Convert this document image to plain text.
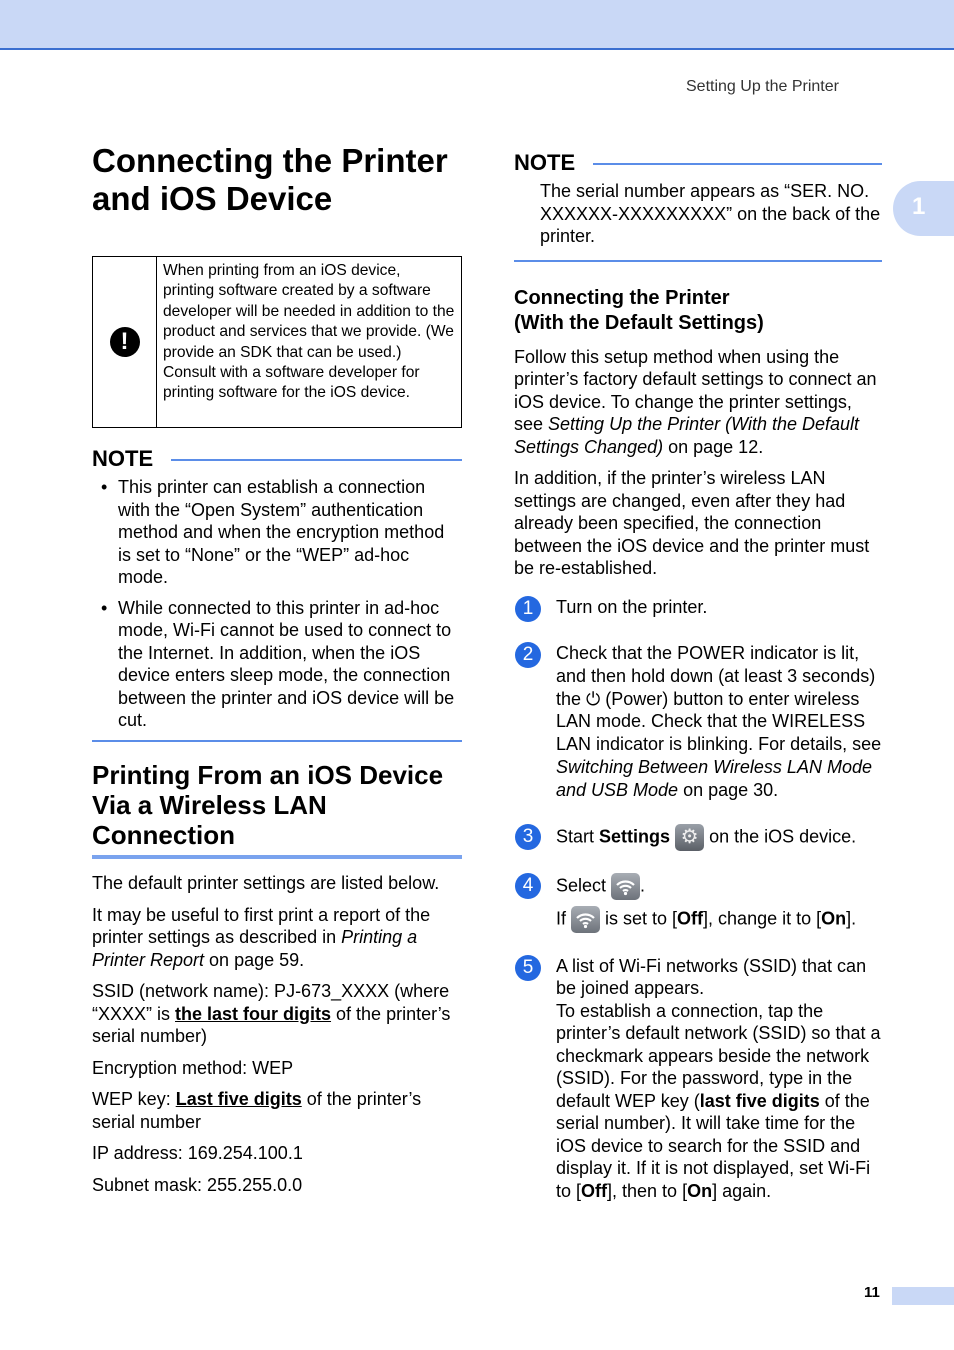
Setting Up the Printer
1
Connecting the Printer
and iOS Device
!
When printing from an iOS device, printing software created by a software developer will be needed in addition to the product and services that we provide. (We provide an SDK that can be used.) Consult with a software developer for printing software for the iOS device.
NOTE
• This printer can establish a connection with the “Open System” authentication method and when the encryption method is set to “None” or the “WEP” ad-hoc mode.
• While connected to this printer in ad-hoc mode, Wi-Fi cannot be used to connect to the Internet. In addition, when the iOS device enters sleep mode, the connection between the printer and iOS device will be cut.
Printing From an iOS Device
Via a Wireless LAN
Connection

The default printer settings are listed below.

It may be useful to first print a report of the printer settings as described in Printing a Printer Report on page 59.

SSID (network name): PJ-673_XXXX (where “XXXX” is the last four digits of the printer’s serial number)

Encryption method: WEP

WEP key: Last five digits of the printer’s serial number

IP address: 169.254.100.1

Subnet mask: 255.255.0.0

NOTE
The serial number appears as “SER. NO. XXXXXX-XXXXXXXXX” on the back of the printer.
Connecting the Printer
(With the Default Settings)

Follow this setup method when using the printer’s factory default settings to connect an iOS device. To change the printer settings, see Setting Up the Printer (With the Default Settings Changed) on page 12.

In addition, if the printer’s wireless LAN settings are changed, even after they had already been specified, the connection between the iOS device and the printer must be re-established.

1	Turn on the printer.
2	Check that the POWER indicator is lit, and then hold down (at least 3 seconds) the ⏻ (Power) button to enter wireless LAN mode. Check that the WIRELESS LAN indicator is blinking. For details, see Switching Between Wireless LAN Mode and USB Mode on page 30.
3	Start Settings ⚙ on the iOS device.
4	Select
.
If
is set to [Off], change it to [On].
5	A list of Wi-Fi networks (SSID) that can be joined appears.
To establish a connection, tap the printer’s default network (SSID) so that a checkmark appears beside the network (SSID). For the password, type in the default WEP key (last five digits of the serial number). It will take time for the iOS device to search for the SSID and display it. If it is not displayed, set Wi-Fi to [Off], then to [On] again.
11
